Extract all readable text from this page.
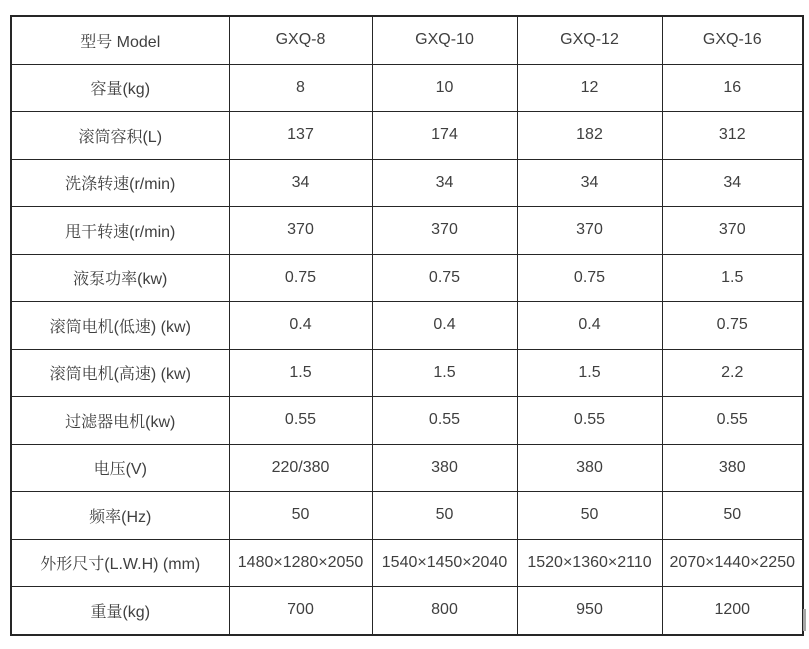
型号 Model	GXQ-8	GXQ-10	GXQ-12	GXQ-16
容量(kg)	8	10	12	16
滚筒容积(L)	137	174	182	312
洗涤转速(r/min)	34	34	34	34
甩干转速(r/min)	370	370	370	370
液泵功率(kw)	0.75	0.75	0.75	1.5
滚筒电机(低速) (kw)	0.4	0.4	0.4	0.75
滚筒电机(高速) (kw)	1.5	1.5	1.5	2.2
过滤器电机(kw)	0.55	0.55	0.55	0.55
电压(V)	220/380	380	380	380
频率(Hz)	50	50	50	50
外形尺寸(L.W.H) (mm)	1480×1280×2050	1540×1450×2040	1520×1360×2110	2070×1440×2250
重量(kg)	700	800	950	1200
